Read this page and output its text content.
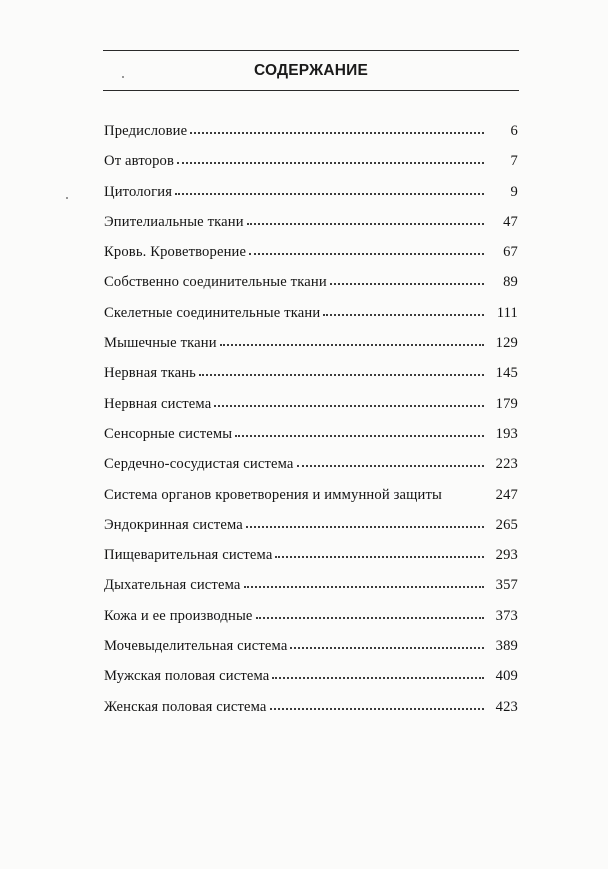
СОДЕРЖАНИЕ
Предисловие	6
От авторов	7
Цитология	9
Эпителиальные ткани	47
Кровь. Кроветворение	67
Собственно соединительные ткани	89
Скелетные соединительные ткани	111
Мышечные ткани	129
Нервная ткань	145
Нервная система	179
Сенсорные системы	193
Сердечно-сосудистая система	223
Система органов кроветворения и иммунной защиты	247
Эндокринная система	265
Пищеварительная система	293
Дыхательная система	357
Кожа и ее производные	373
Мочевыделительная система	389
Мужская половая система	409
Женская половая система	423
